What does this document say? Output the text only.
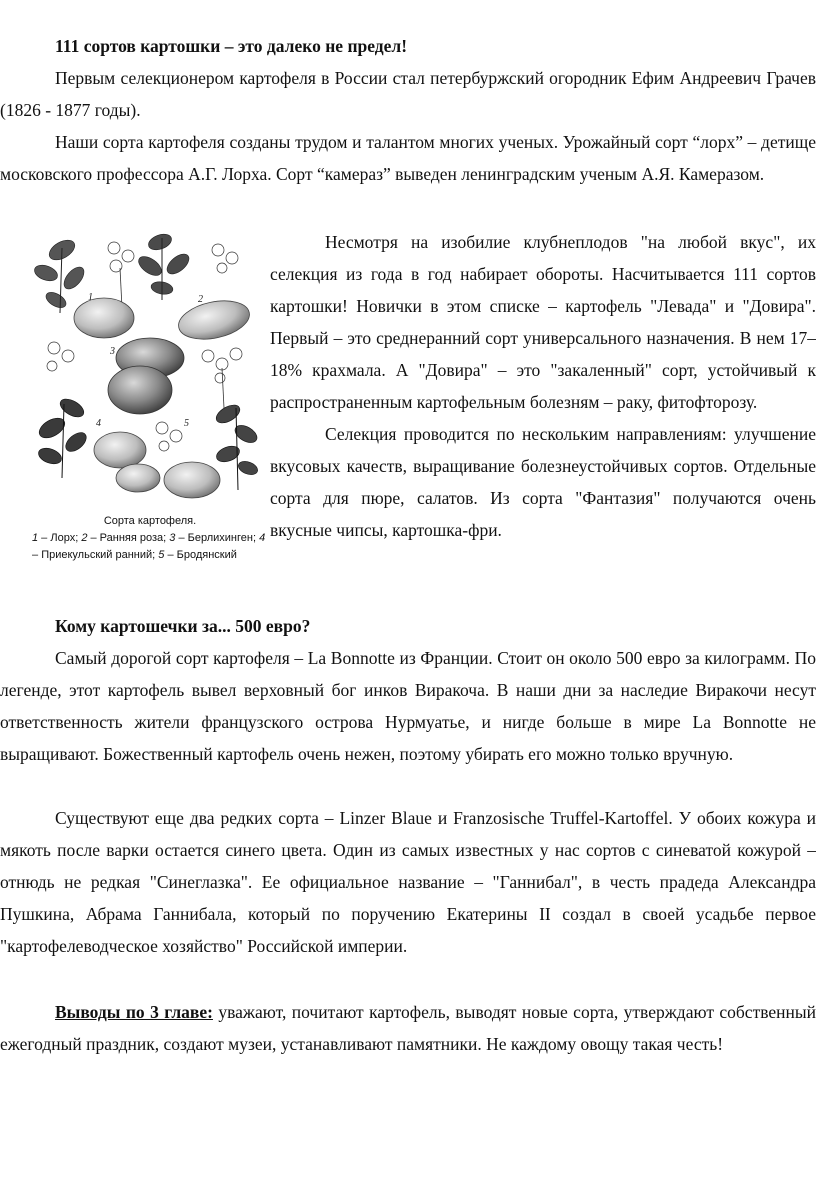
111 сортов картошки – это далеко не предел!

Первым селекционером картофеля в России стал петербуржский огородник Ефим Андреевич Грачев (1826 - 1877 годы).

Наши сорта картофеля созданы трудом и талантом многих ученых. Урожайный сорт “лорх” – детище московского профессора А.Г. Лорха. Сорт “камераз” выведен ленинградским ученым А.Я. Камеразом.

1	2
3
4	5
Сорта картофеля.
1 – Лорх; 2 – Ранняя роза; 3 – Берлихинген; 4 – Приекульский ранний; 5 – Бродянский

Несмотря на изобилие клубнеплодов "на любой вкус", их селекция из года в год набирает обороты. Насчитывается 111 сортов картошки! Новички в этом списке – картофель "Левада" и "Довира". Первый – это среднеранний сорт универсального назначения. В нем 17–18% крахмала. А "Довира" – это "закаленный" сорт, устойчивый к распространенным картофельным болезням – раку, фитофторозу.

Селекция проводится по нескольким направлениям: улучшение вкусовых качеств, выращивание болезнеустойчивых сортов. Отдельные сорта для пюре, салатов. Из сорта "Фантазия" получаются очень вкусные чипсы, картошка-фри.

Кому картошечки за... 500 евро?

Самый дорогой сорт картофеля – La Bonnotte из Франции. Стоит он около 500 евро за килограмм. По легенде, этот картофель вывел верховный бог инков Виракоча. В наши дни за наследие Виракочи несут ответственность жители французского острова Нурмуатье, и нигде больше в мире La Bonnotte не выращивают. Божественный картофель очень нежен, поэтому убирать его можно только вручную.

Существуют еще два редких сорта – Linzer Blaue и Franzosische Truffel-Kartoffel. У обоих кожура и мякоть после варки остается синего цвета. Один из самых известных у нас сортов с синеватой кожурой – отнюдь не редкая "Синеглазка". Ее официальное название – "Ганнибал", в честь прадеда Александра Пушкина, Абрама Ганнибала, который по поручению Екатерины II создал в своей усадьбе первое "картофелеводческое хозяйство" Российской империи.

Выводы по 3 главе: уважают, почитают картофель, выводят новые сорта, утверждают собственный ежегодный праздник, создают музеи, устанавливают памятники. Не каждому овощу такая честь!
